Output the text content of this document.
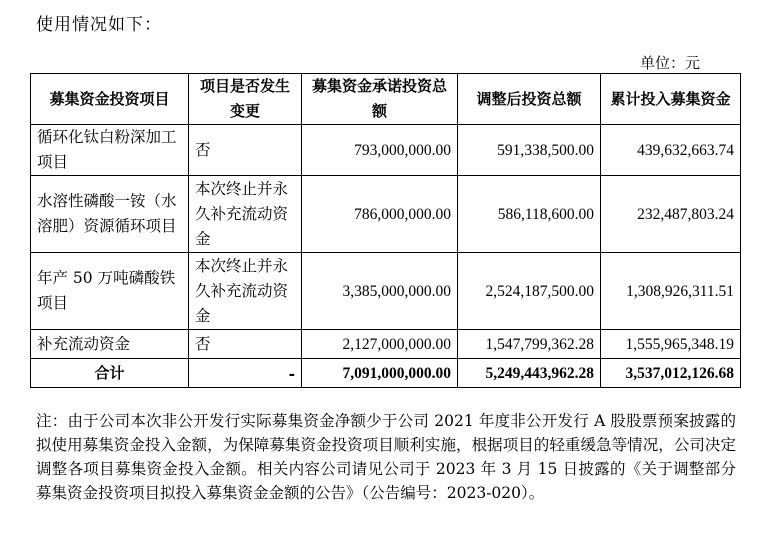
使用情况如下：
单位：元
募集资金投资项目	项目是否发生变更	募集资金承诺投资总额	调整后投资总额	累计投入募集资金
循环化钛白粉深加工项目	否	793,000,000.00	591,338,500.00	439,632,663.74
水溶性磷酸一铵（水溶肥）资源循环项目	本次终止并永久补充流动资金	786,000,000.00	586,118,600.00	232,487,803.24
年产 50 万吨磷酸铁项目	本次终止并永久补充流动资金	3,385,000,000.00	2,524,187,500.00	1,308,926,311.51
补充流动资金	否	2,127,000,000.00	1,547,799,362.28	1,555,965,348.19
合计	-	7,091,000,000.00	5,249,443,962.28	3,537,012,126.68
注：由于公司本次非公开发行实际募集资金净额少于公司 2021 年度非公开发行 A 股股票预案披露的拟使用募集资金投入金额，为保障募集资金投资项目顺利实施，根据项目的轻重缓急等情况，公司决定调整各项目募集资金投入金额。相关内容公司请见公司于 2023 年 3 月 15 日披露的《关于调整部分募集资金投资项目拟投入募集资金金额的公告》（公告编号：2023-020）。
